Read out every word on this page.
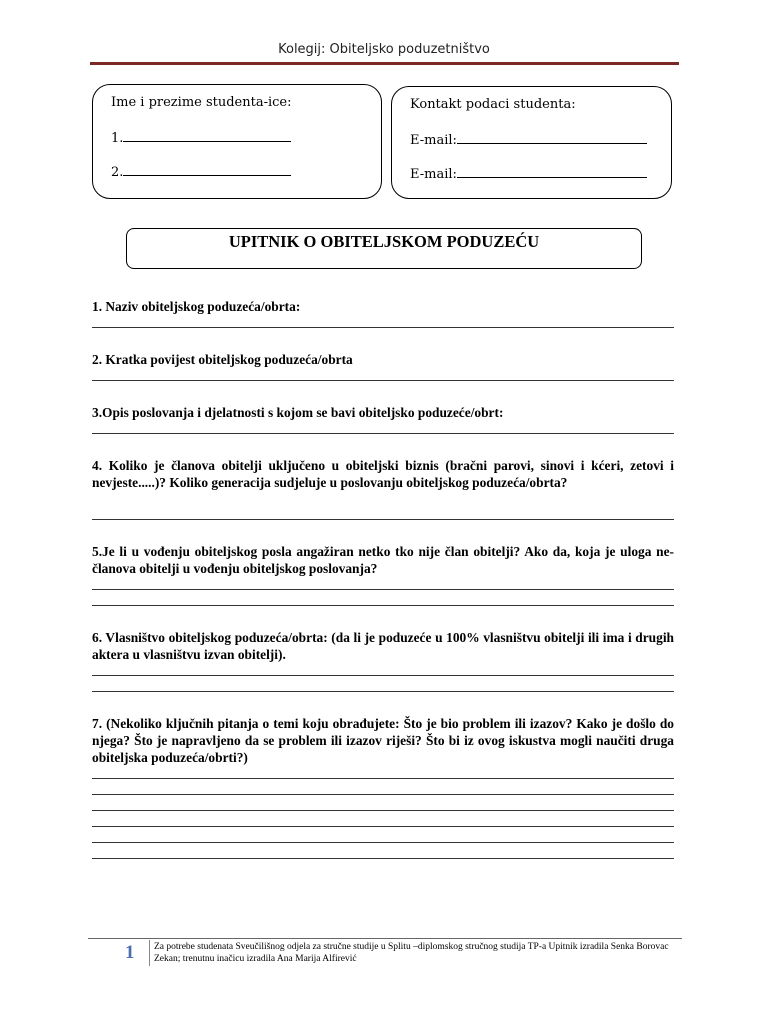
Kolegij: Obiteljsko poduzetništvo
Ime i prezime studenta-ice:
1.
2.
Kontakt podaci studenta:
E-mail:
E-mail:
UPITNIK O OBITELJSKOM PODUZEĆU
1. Naziv obiteljskog poduzeća/obrta:
2. Kratka povijest obiteljskog poduzeća/obrta
3.Opis poslovanja i djelatnosti s kojom se bavi obiteljsko poduzeće/obrt:
4. Koliko je članova obitelji uključeno u obiteljski biznis (bračni parovi, sinovi i kćeri, zetovi i nevjeste.....)? Koliko generacija sudjeluje u poslovanju obiteljskog poduzeća/obrta?
5.Je li u vođenju obiteljskog posla angažiran netko tko nije član obitelji? Ako da, koja je uloga ne-članova obitelji u vođenju obiteljskog poslovanja?
6. Vlasništvo obiteljskog poduzeća/obrta: (da li je poduzeće u 100% vlasništvu obitelji ili ima i drugih aktera u vlasništvu izvan obitelji).
7. (Nekoliko ključnih pitanja o temi koju obrađujete: Što je bio problem ili izazov? Kako je došlo do njega? Što je napravljeno da se problem ili izazov riješi? Što bi iz ovog iskustva mogli naučiti druga obiteljska poduzeća/obrti?)
1 Za potrebe studenata Sveučilišnog odjela za stručne studije u Splitu –diplomskog stručnog studija TP-a Upitnik izradila Senka Borovac Zekan; trenutnu inačicu izradila Ana Marija Alfirević
